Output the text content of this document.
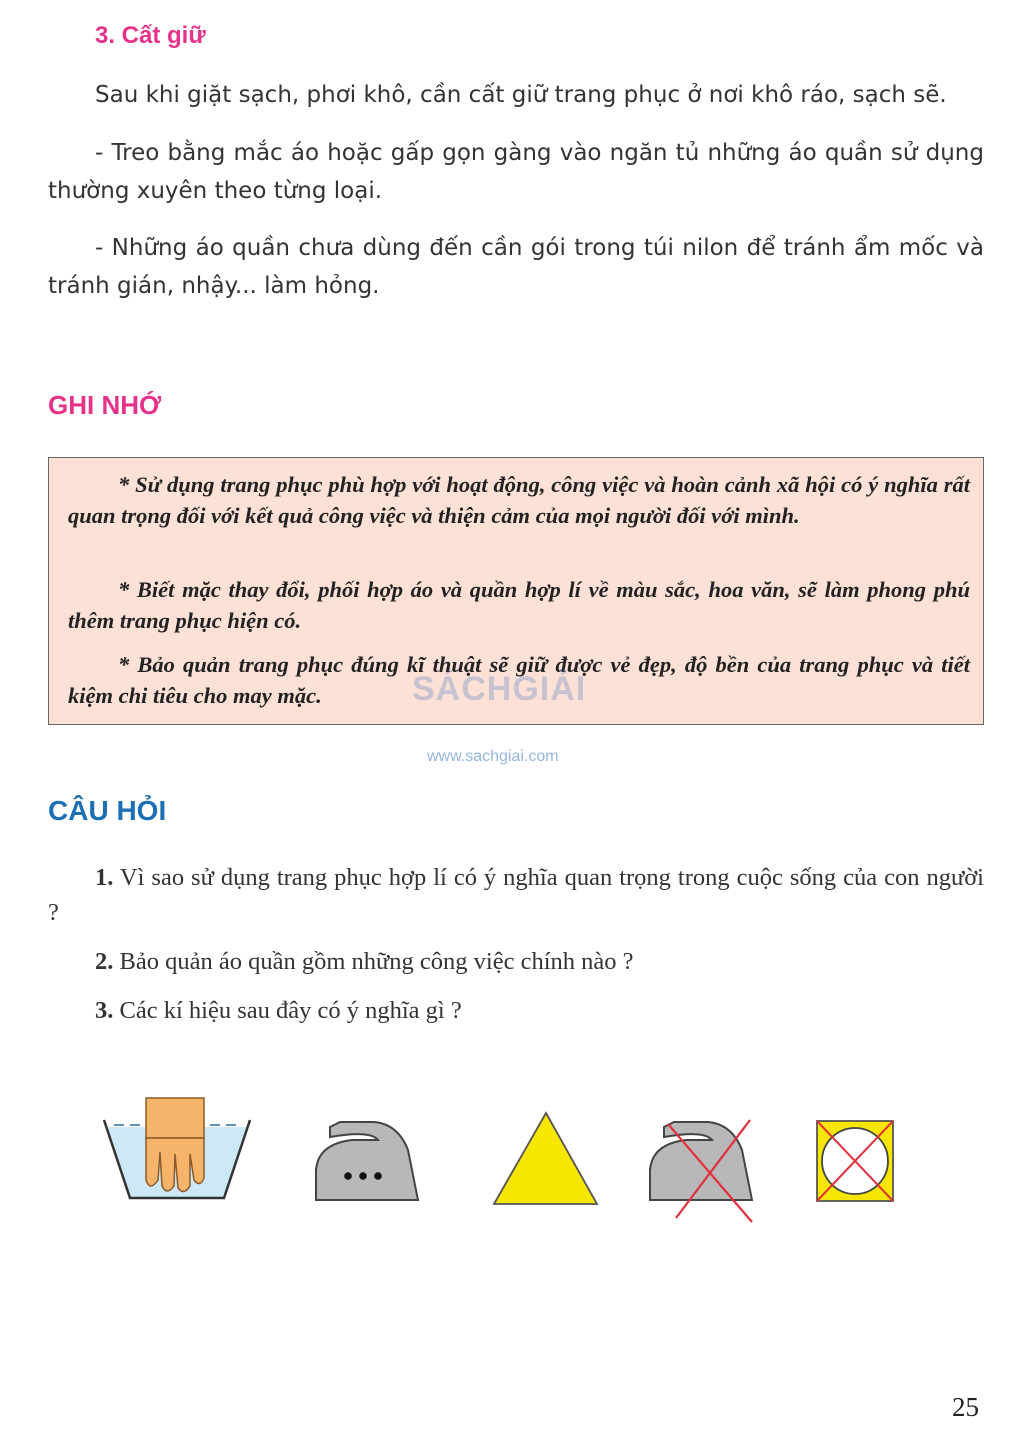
3. Cất giữ
Sau khi giặt sạch, phơi khô, cần cất giữ trang phục ở nơi khô ráo, sạch sẽ.
- Treo bằng mắc áo hoặc gấp gọn gàng vào ngăn tủ những áo quần sử dụng thường xuyên theo từng loại.
- Những áo quần chưa dùng đến cần gói trong túi nilon để tránh ẩm mốc và tránh gián, nhậy... làm hỏng.
GHI NHỚ
* Sử dụng trang phục phù hợp với hoạt động, công việc và hoàn cảnh xã hội có ý nghĩa rất quan trọng đối với kết quả công việc và thiện cảm của mọi người đối với mình.
* Biết mặc thay đổi, phối hợp áo và quần hợp lí về màu sắc, hoa văn, sẽ làm phong phú thêm trang phục hiện có.
* Bảo quản trang phục đúng kĩ thuật sẽ giữ được vẻ đẹp, độ bền của trang phục và tiết kiệm chi tiêu cho may mặc.	SÁCHGIẢI
www.sachgiai.com
CÂU HỎI
1. Vì sao sử dụng trang phục hợp lí có ý nghĩa quan trọng trong cuộc sống của con người ?
2. Bảo quản áo quần gồm những công việc chính nào ?
3. Các kí hiệu sau đây có ý nghĩa gì ?
25
